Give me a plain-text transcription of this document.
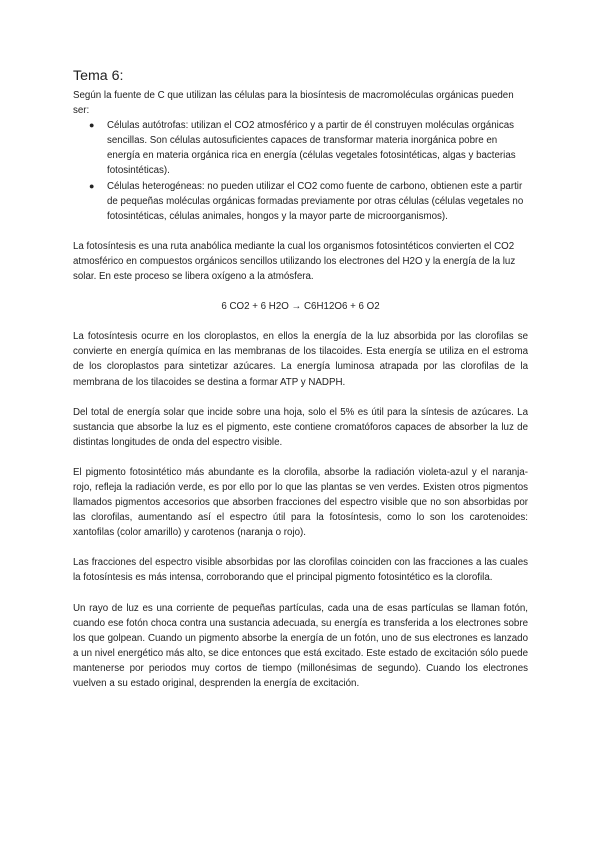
Tema 6:

Según la fuente de C que utilizan las células para la biosíntesis de macromoléculas orgánicas pueden ser:

● Células autótrofas: utilizan el CO2 atmosférico y a partir de él construyen moléculas orgánicas sencillas. Son células autosuficientes capaces de transformar materia inorgánica pobre en energía en materia orgánica rica en energía (células vegetales fotosintéticas, algas y bacterias fotosintéticas).
● Células heterogéneas: no pueden utilizar el CO2 como fuente de carbono, obtienen este a partir de pequeñas moléculas orgánicas formadas previamente por otras células (células vegetales no fotosintéticas, células animales, hongos y la mayor parte de microorganismos).

La fotosíntesis es una ruta anabólica mediante la cual los organismos fotosintéticos convierten el CO2 atmosférico en compuestos orgánicos sencillos utilizando los electrones del H2O y la energía de la luz solar. En este proceso se libera oxígeno a la atmósfera.

6 CO2 + 6 H2O → C6H12O6 + 6 O2

La fotosíntesis ocurre en los cloroplastos, en ellos la energía de la luz absorbida por las clorofilas se convierte en energía química en las membranas de los tilacoides. Esta energía se utiliza en el estroma de los cloroplastos para sintetizar azúcares. La energía luminosa atrapada por las clorofilas de la membrana de los tilacoides se destina a formar ATP y NADPH.

Del total de energía solar que incide sobre una hoja, solo el 5% es útil para la síntesis de azúcares. La sustancia que absorbe la luz es el pigmento, este contiene cromatóforos capaces de absorber la luz de distintas longitudes de onda del espectro visible.

El pigmento fotosintético más abundante es la clorofila, absorbe la radiación violeta-azul y el naranja-rojo, refleja la radiación verde, es por ello por lo que las plantas se ven verdes. Existen otros pigmentos llamados pigmentos accesorios que absorben fracciones del espectro visible que no son absorbidas por las clorofilas, aumentando así el espectro útil para la fotosíntesis, como lo son los carotenoides: xantofilas (color amarillo) y carotenos (naranja o rojo).

Las fracciones del espectro visible absorbidas por las clorofilas coinciden con las fracciones a las cuales la fotosíntesis es más intensa, corroborando que el principal pigmento fotosintético es la clorofila.

Un rayo de luz es una corriente de pequeñas partículas, cada una de esas partículas se llaman fotón, cuando ese fotón choca contra una sustancia adecuada, su energía es transferida a los electrones sobre los que golpean. Cuando un pigmento absorbe la energía de un fotón, uno de sus electrones es lanzado a un nivel energético más alto, se dice entonces que está excitado. Este estado de excitación sólo puede mantenerse por periodos muy cortos de tiempo (millonésimas de segundo). Cuando los electrones vuelven a su estado original, desprenden la energía de excitación.
